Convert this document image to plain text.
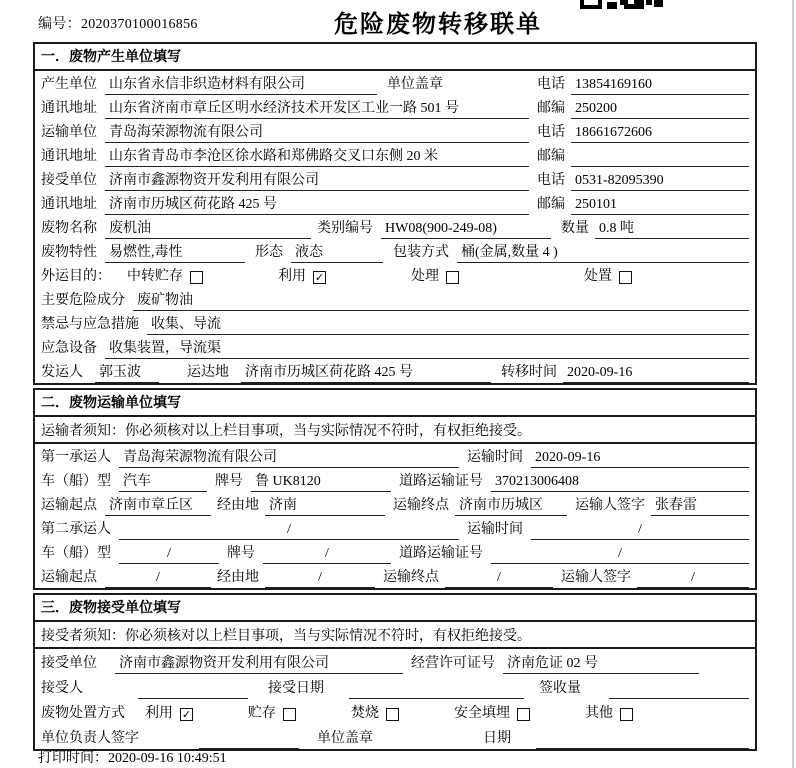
编号：2020370100016856	危险废物转移联单
一．废物产生单位填写
产生单位 山东省永信非织造材料有限公司	单位盖章	电话 13854169160
通讯地址 山东省济南市章丘区明水经济技术开发区工业一路 501 号	邮编 250200
运输单位 青岛海荣源物流有限公司	电话 18661672606
通讯地址 山东省青岛市李沧区徐水路和郑佛路交叉口东侧 20 米	邮编
接受单位 济南市鑫源物资开发利用有限公司	电话 0531-82095390
通讯地址 济南市历城区荷花路 425 号	邮编 250101
废物名称 废机油	类别编号 HW08(900-249-08)	数量 0.8 吨
废物特性 易燃性,毒性	形态 液态	包装方式 桶(金属,数量 4 )
外运目的： 中转贮存	利用 ✓	处理	处置
主要危险成分 废矿物油
禁忌与应急措施 收集、导流
应急设备 收集装置，导流渠
发运人 郭玉波	运达地 济南市历城区荷花路 425 号	转移时间 2020-09-16
二．废物运输单位填写
运输者须知：你必须核对以上栏目事项，当与实际情况不符时，有权拒绝接受。
第一承运人 青岛海荣源物流有限公司	运输时间 2020-09-16
车（船）型 汽车	牌号 鲁 UK8120	道路运输证号 370213006408
运输起点 济南市章丘区	经由地 济南	运输终点 济南市历城区	运输人签字 张春雷
第二承运人	/	运输时间	/
车（船）型	/	牌号	/	道路运输证号	/
运输起点	/	经由地	/	运输终点	/	运输人签字	/
三．废物接受单位填写
接受者须知：你必须核对以上栏目事项，当与实际情况不符时，有权拒绝接受。
接受单位 济南市鑫源物资开发利用有限公司	经营许可证号 济南危证 02 号
接受人	接受日期	签收量
废物处置方式 利用 ✓	贮存	焚烧	安全填埋	其他
单位负责人签字	单位盖章	日期
打印时间：2020-09-16 10:49:51
